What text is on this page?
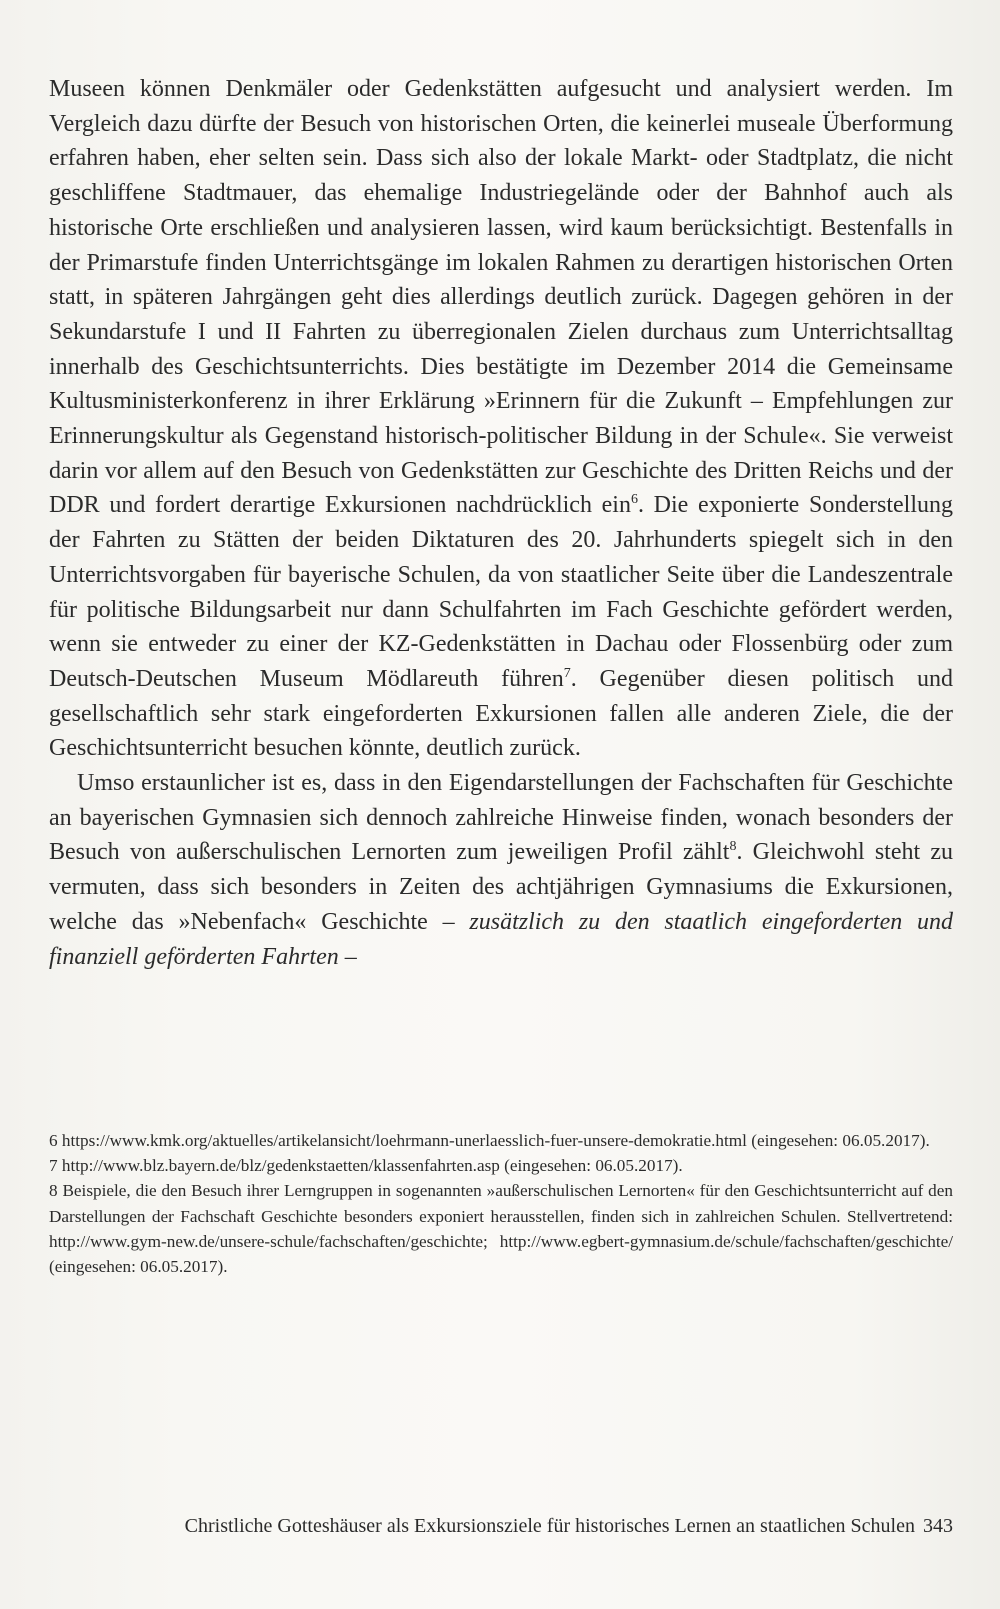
Museen können Denkmäler oder Gedenkstätten aufgesucht und analysiert werden. Im Vergleich dazu dürfte der Besuch von historischen Orten, die keinerlei museale Überformung erfahren haben, eher selten sein. Dass sich also der lokale Markt- oder Stadtplatz, die nicht geschliffene Stadtmauer, das ehemalige Industriegelände oder der Bahnhof auch als historische Orte erschließen und analysieren lassen, wird kaum berücksichtigt. Bestenfalls in der Primarstufe finden Unterrichtsgänge im lokalen Rahmen zu derartigen historischen Orten statt, in späteren Jahrgängen geht dies allerdings deutlich zurück. Dagegen gehören in der Sekundarstufe I und II Fahrten zu überregionalen Zielen durchaus zum Unterrichtsalltag innerhalb des Geschichtsunterrichts. Dies bestätigte im Dezember 2014 die Gemeinsame Kultusministerkonferenz in ihrer Erklärung »Erinnern für die Zukunft – Empfehlungen zur Erinnerungskultur als Gegenstand historisch-politischer Bildung in der Schule«. Sie verweist darin vor allem auf den Besuch von Gedenkstätten zur Geschichte des Dritten Reichs und der DDR und fordert derartige Exkursionen nachdrücklich ein$^6$. Die exponierte Sonderstellung der Fahrten zu Stätten der beiden Diktaturen des 20. Jahrhunderts spiegelt sich in den Unterrichtsvorgaben für bayerische Schulen, da von staatlicher Seite über die Landeszentrale für politische Bildungsarbeit nur dann Schulfahrten im Fach Geschichte gefördert werden, wenn sie entweder zu einer der KZ-Gedenkstätten in Dachau oder Flossenbürg oder zum Deutsch-Deutschen Museum Mödlareuth führen$^7$. Gegenüber diesen politisch und gesellschaftlich sehr stark eingeforderten Exkursionen fallen alle anderen Ziele, die der Geschichtsunterricht besuchen könnte, deutlich zurück.

Umso erstaunlicher ist es, dass in den Eigendarstellungen der Fachschaften für Geschichte an bayerischen Gymnasien sich dennoch zahlreiche Hinweise finden, wonach besonders der Besuch von außerschulischen Lernorten zum jeweiligen Profil zählt$^8$. Gleichwohl steht zu vermuten, dass sich besonders in Zeiten des achtjährigen Gymnasiums die Exkursionen, welche das »Nebenfach« Geschichte – zusätzlich zu den staatlich eingeforderten und finanziell geförderten Fahrten –

6 https://www.kmk.org/aktuelles/artikelansicht/loehrmann-unerlaesslich-fuer-unsere-demokratie.html (eingesehen: 06.05.2017).

7 http://www.blz.bayern.de/blz/gedenkstaetten/klassenfahrten.asp (eingesehen: 06.05.2017).

8 Beispiele, die den Besuch ihrer Lerngruppen in sogenannten »außerschulischen Lernorten« für den Geschichtsunterricht auf den Darstellungen der Fachschaft Geschichte besonders exponiert herausstellen, finden sich in zahlreichen Schulen. Stellvertretend: http://www.gym-new.de/unsere-schule/fachschaften/geschichte; http://www.egbert-gymnasium.de/schule/fachschaften/geschichte/ (eingesehen: 06.05.2017).

Christliche Gotteshäuser als Exkursionsziele für historisches Lernen an staatlichen Schulen 343
